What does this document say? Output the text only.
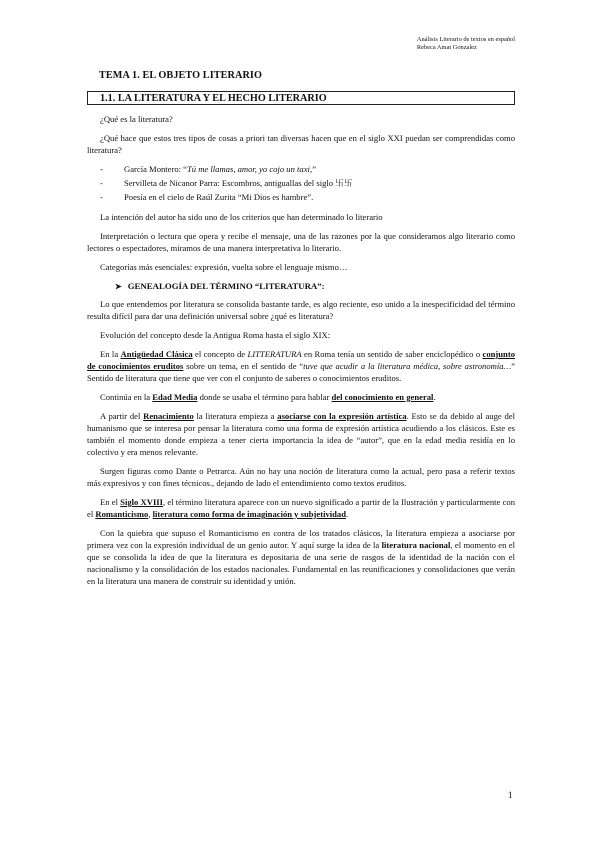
Análisis Literario de textos en español
Rebeca Amat Gonzalez
TEMA 1. EL OBJETO LITERARIO
1.1. LA LITERATURA Y EL HECHO LITERARIO

¿Qué es la literatura?

¿Qué hace que estos tres tipos de cosas a priori tan diversas hacen que en el siglo XXI puedan ser comprendidas como literatura?

- García Montero: “Tú me llamas, amor, yo cojo un taxi,”
- Servilleta de Nicanor Parra: Escombros, antiguallas del siglo 卐卐
- Poesía en el cielo de Raúl Zurita “Mi Dios es hambre”.

La intención del autor ha sido uno de los criterios que han determinado lo literario

Interpretación o lectura que opera y recibe el mensaje, una de las razones por la que consideramos algo literario como lectores o espectadores, miramos de una manera interpretativa lo literario.

Categorías más esenciales: expresión, vuelta sobre el lenguaje mismo…

➤ GENEALOGÍA DEL TÉRMINO “LITERATURA”:

Lo que entendemos por literatura se consolida bastante tarde, es algo reciente, eso unido a la inespecificidad del término resulta difícil para dar una definición universal sobre ¿qué es literatura?

Evolución del concepto desde la Antigua Roma hasta el siglo XIX:

En la Antigüedad Clásica el concepto de LITTERATURA en Roma tenía un sentido de saber enciclopédico o conjunto de conocimientos eruditos sobre un tema, en el sentido de “tuve que acudir a la literatura médica, sobre astronomía…” Sentido de literatura que tiene que ver con el conjunto de saberes o conocimientos eruditos.

Continúa en la Edad Media donde se usaba el término para hablar del conocimiento en general.

A partir del Renacimiento la literatura empieza a asociarse con la expresión artística. Esto se da debido al auge del humanismo que se interesa por pensar la literatura como una forma de expresión artística acudiendo a los clásicos. Este es también el momento donde empieza a tener cierta importancia la idea de “autor”, que en la edad media residía en lo colectivo y era menos relevante.

Surgen figuras como Dante o Petrarca. Aún no hay una noción de literatura como la actual, pero pasa a referir textos más expresivos y con fines técnicos., dejando de lado el entendimiento como textos eruditos.

En el Siglo XVIII, el término literatura aparece con un nuevo significado a partir de la Ilustración y particularmente con el Romanticismo, literatura como forma de imaginación y subjetividad.

Con la quiebra que supuso el Romanticismo en contra de los tratados clásicos, la literatura empieza a asociarse por primera vez con la expresión individual de un genio autor. Y aquí surge la idea de la literatura nacional, el momento en el que se consolida la idea de que la literatura es depositaria de una serie de rasgos de la identidad de la nación con el nacionalismo y la consolidación de los estados nacionales. Fundamental en las reunificaciones y consolidaciones que verán en la literatura una manera de construir su identidad y unión.

1
